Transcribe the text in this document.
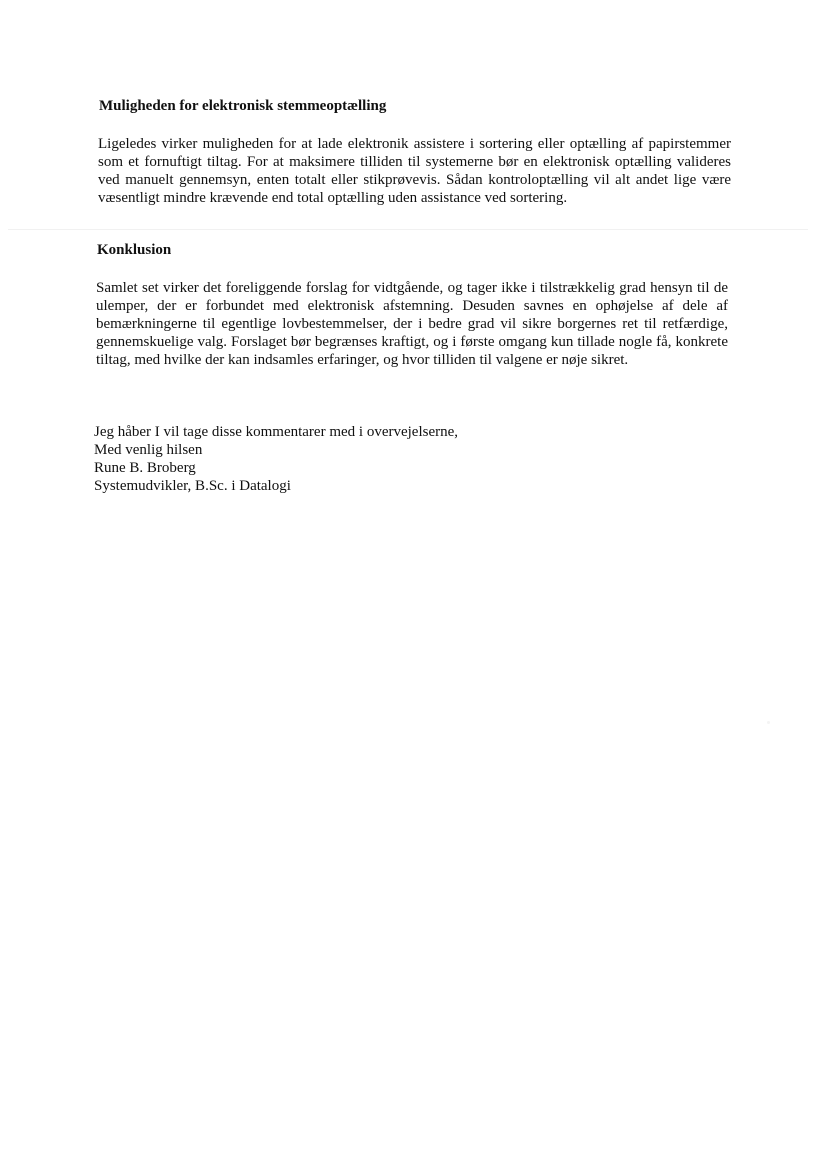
Muligheden for elektronisk stemmeoptælling

Ligeledes virker muligheden for at lade elektronik assistere i sortering eller optælling af papirstemmer som et fornuftigt tiltag. For at maksimere tilliden til systemerne bør en elektronisk optælling valideres ved manuelt gennemsyn, enten totalt eller stikprøvevis. Sådan kontroloptælling vil alt andet lige være væsentligt mindre krævende end total optælling uden assistance ved sortering.

Konklusion

Samlet set virker det foreliggende forslag for vidtgående, og tager ikke i tilstrækkelig grad hensyn til de ulemper, der er forbundet med elektronisk afstemning. Desuden savnes en ophøjelse af dele af bemærkningerne til egentlige lovbestemmelser, der i bedre grad vil sikre borgernes ret til retfærdige, gennemskuelige valg. Forslaget bør begrænses kraftigt, og i første omgang kun tillade nogle få, konkrete tiltag, med hvilke der kan indsamles erfaringer, og hvor tilliden til valgene er nøje sikret.

Jeg håber I vil tage disse kommentarer med i overvejelserne,
Med venlig hilsen
Rune B. Broberg
Systemudvikler, B.Sc. i Datalogi
